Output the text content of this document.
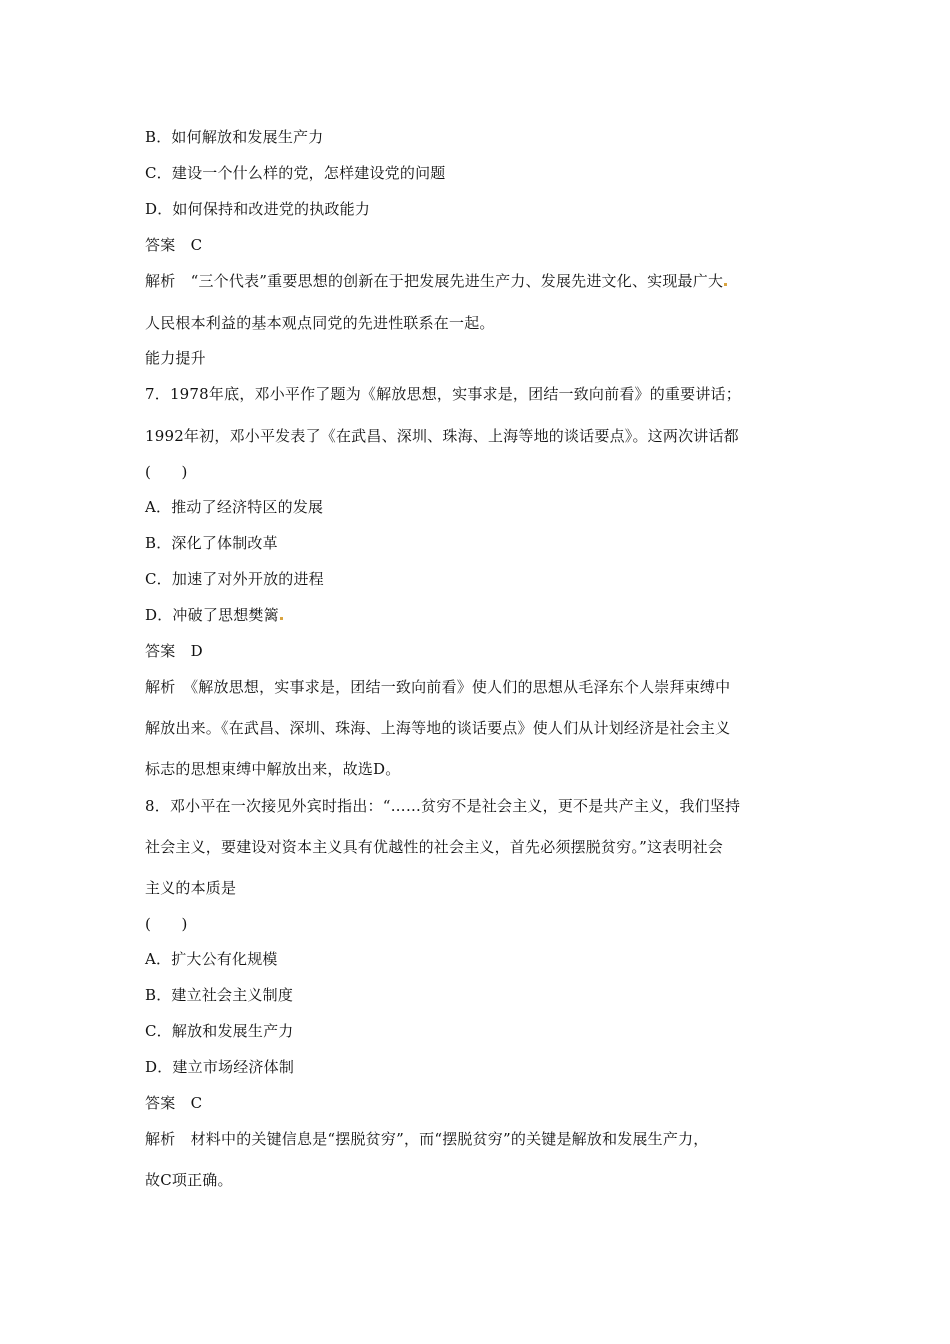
B．如何解放和发展生产力
C．建设一个什么样的党，怎样建设党的问题
D．如何保持和改进党的执政能力
答案　C
解析　“三个代表”重要思想的创新在于把发展先进生产力、发展先进文化、实现最广大
人民根本利益的基本观点同党的先进性联系在一起。
能力提升
7．1978年底，邓小平作了题为《解放思想，实事求是，团结一致向前看》的重要讲话；
1992年初，邓小平发表了《在武昌、深圳、珠海、上海等地的谈话要点》。这两次讲话都
(　　)
A．推动了经济特区的发展
B．深化了体制改革
C．加速了对外开放的进程
D．冲破了思想樊篱
答案　D
解析　《解放思想，实事求是，团结一致向前看》使人们的思想从毛泽东个人崇拜束缚中
解放出来。《在武昌、深圳、珠海、上海等地的谈话要点》使人们从计划经济是社会主义
标志的思想束缚中解放出来，故选D。
8．邓小平在一次接见外宾时指出：“……贫穷不是社会主义，更不是共产主义，我们坚持
社会主义，要建设对资本主义具有优越性的社会主义，首先必须摆脱贫穷。”这表明社会
主义的本质是
(　　)
A．扩大公有化规模
B．建立社会主义制度
C．解放和发展生产力
D．建立市场经济体制
答案　C
解析　材料中的关键信息是“摆脱贫穷”，而“摆脱贫穷”的关键是解放和发展生产力，
故C项正确。
